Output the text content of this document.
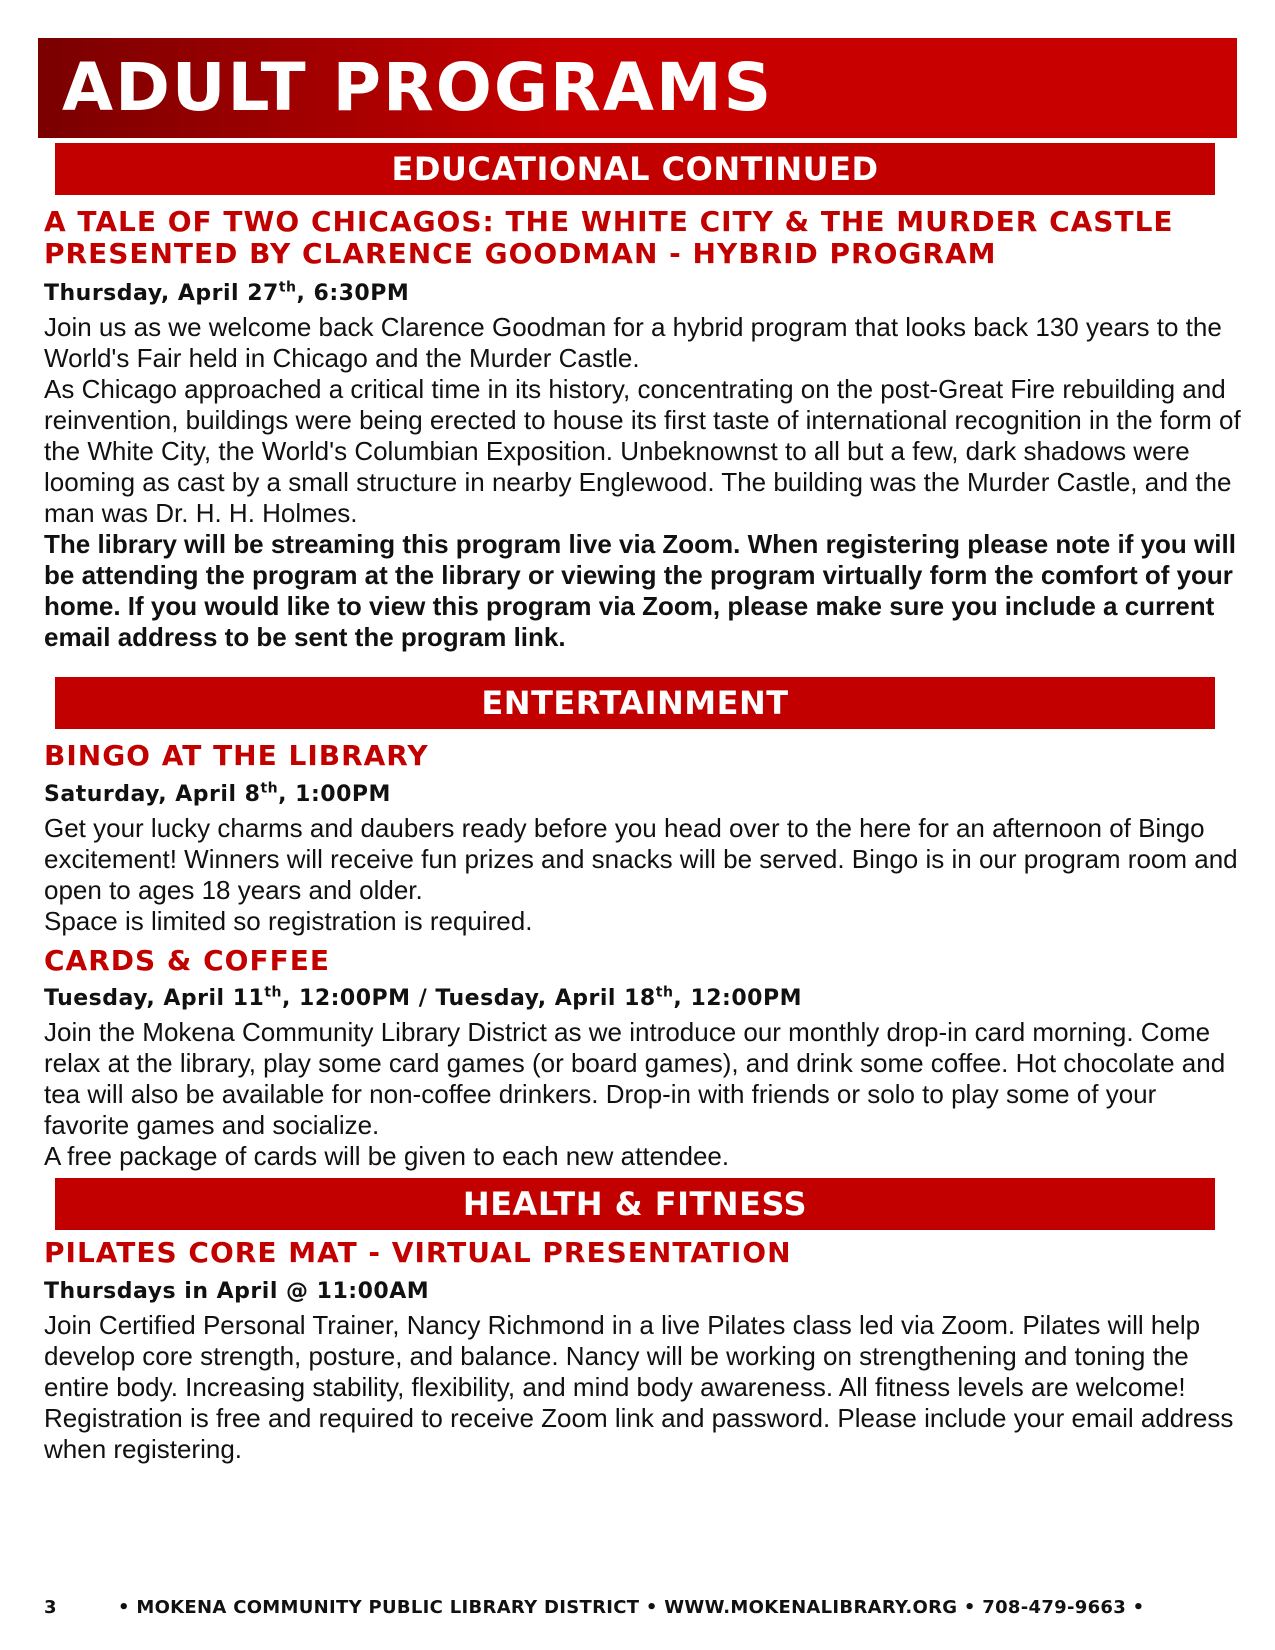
ADULT PROGRAMS
EDUCATIONAL CONTINUED
A TALE OF TWO CHICAGOS: THE WHITE CITY & THE MURDER CASTLE
PRESENTED BY CLARENCE GOODMAN - HYBRID PROGRAM
Thursday, April 27th, 6:30PM

Join us as we welcome back Clarence Goodman for a hybrid program that looks back 130 years to the World's Fair held in Chicago and the Murder Castle.

As Chicago approached a critical time in its history, concentrating on the post-Great Fire rebuilding and reinvention, buildings were being erected to house its first taste of international recognition in the form of the White City, the World's Columbian Exposition. Unbeknownst to all but a few, dark shadows were looming as cast by a small structure in nearby Englewood. The building was the Murder Castle, and the man was Dr. H. H. Holmes.

The library will be streaming this program live via Zoom. When registering please note if you will be attending the program at the library or viewing the program virtually form the comfort of your home. If you would like to view this program via Zoom, please make sure you include a current email address to be sent the program link.

ENTERTAINMENT
BINGO AT THE LIBRARY
Saturday, April 8th, 1:00PM

Get your lucky charms and daubers ready before you head over to the here for an afternoon of Bingo excitement! Winners will receive fun prizes and snacks will be served. Bingo is in our program room and open to ages 18 years and older.

Space is limited so registration is required.

CARDS & COFFEE
Tuesday, April 11th, 12:00PM / Tuesday, April 18th, 12:00PM

Join the Mokena Community Library District as we introduce our monthly drop-in card morning. Come relax at the library, play some card games (or board games), and drink some coffee. Hot chocolate and tea will also be available for non-coffee drinkers. Drop-in with friends or solo to play some of your favorite games and socialize.

A free package of cards will be given to each new attendee.

HEALTH & FITNESS
PILATES CORE MAT - VIRTUAL PRESENTATION
Thursdays in April @ 11:00AM

Join Certified Personal Trainer, Nancy Richmond in a live Pilates class led via Zoom. Pilates will help develop core strength, posture, and balance. Nancy will be working on strengthening and toning the entire body. Increasing stability, flexibility, and mind body awareness. All fitness levels are welcome!

Registration is free and required to receive Zoom link and password. Please include your email address when registering.

3	• MOKENA COMMUNITY PUBLIC LIBRARY DISTRICT • WWW.MOKENALIBRARY.ORG • 708-479-9663 •
